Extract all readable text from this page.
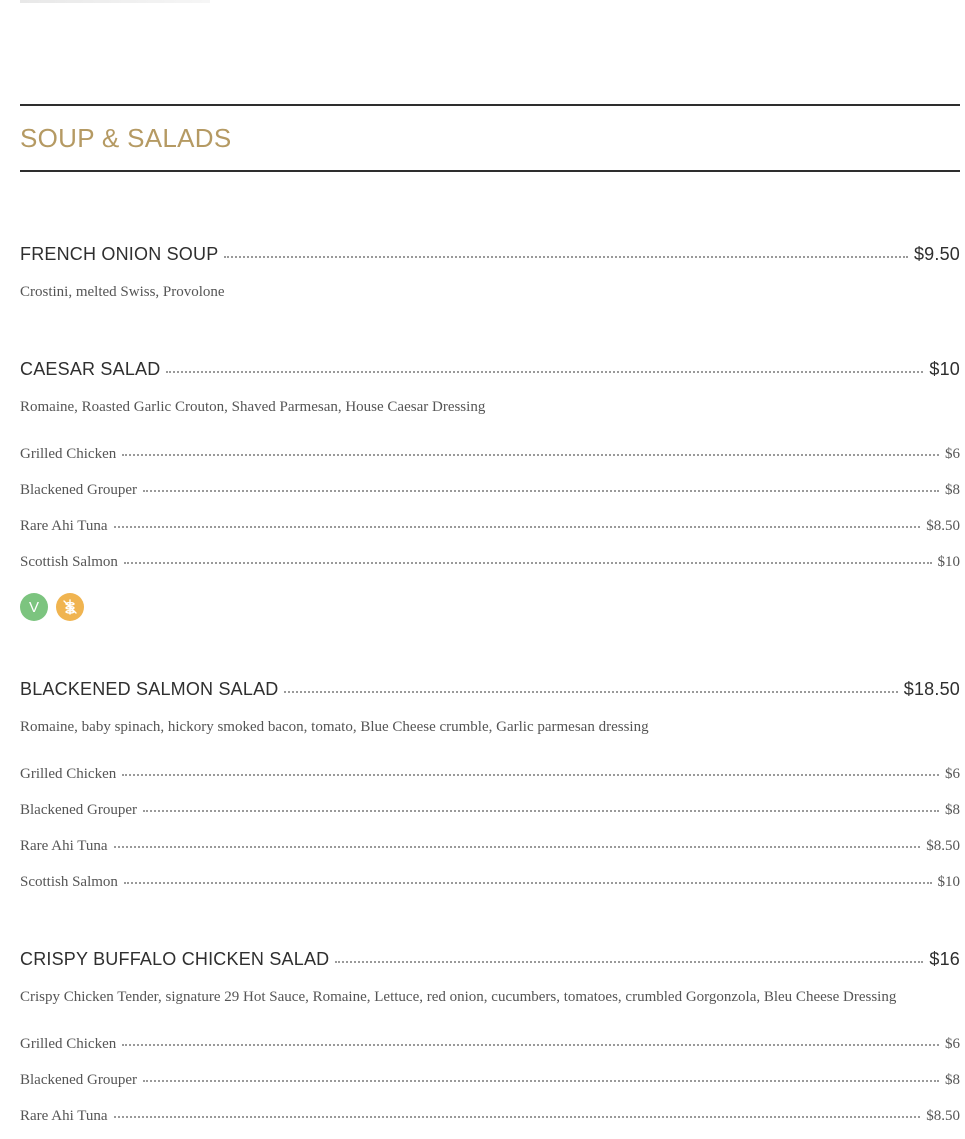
SOUP & SALADS
FRENCH ONION SOUP	$9.50
Crostini, melted Swiss, Provolone
CAESAR SALAD	$10
Romaine, Roasted Garlic Crouton, Shaved Parmesan, House Caesar Dressing
Grilled Chicken	$6
Blackened Grouper	$8
Rare Ahi Tuna	$8.50
Scottish Salmon	$10
V
BLACKENED SALMON SALAD	$18.50
Romaine, baby spinach, hickory smoked bacon, tomato, Blue Cheese crumble, Garlic parmesan dressing
Grilled Chicken	$6
Blackened Grouper	$8
Rare Ahi Tuna	$8.50
Scottish Salmon	$10
CRISPY BUFFALO CHICKEN SALAD	$16
Crispy Chicken Tender, signature 29 Hot Sauce, Romaine, Lettuce, red onion, cucumbers, tomatoes, crumbled Gorgonzola, Bleu Cheese Dressing
Grilled Chicken	$6
Blackened Grouper	$8
Rare Ahi Tuna	$8.50
